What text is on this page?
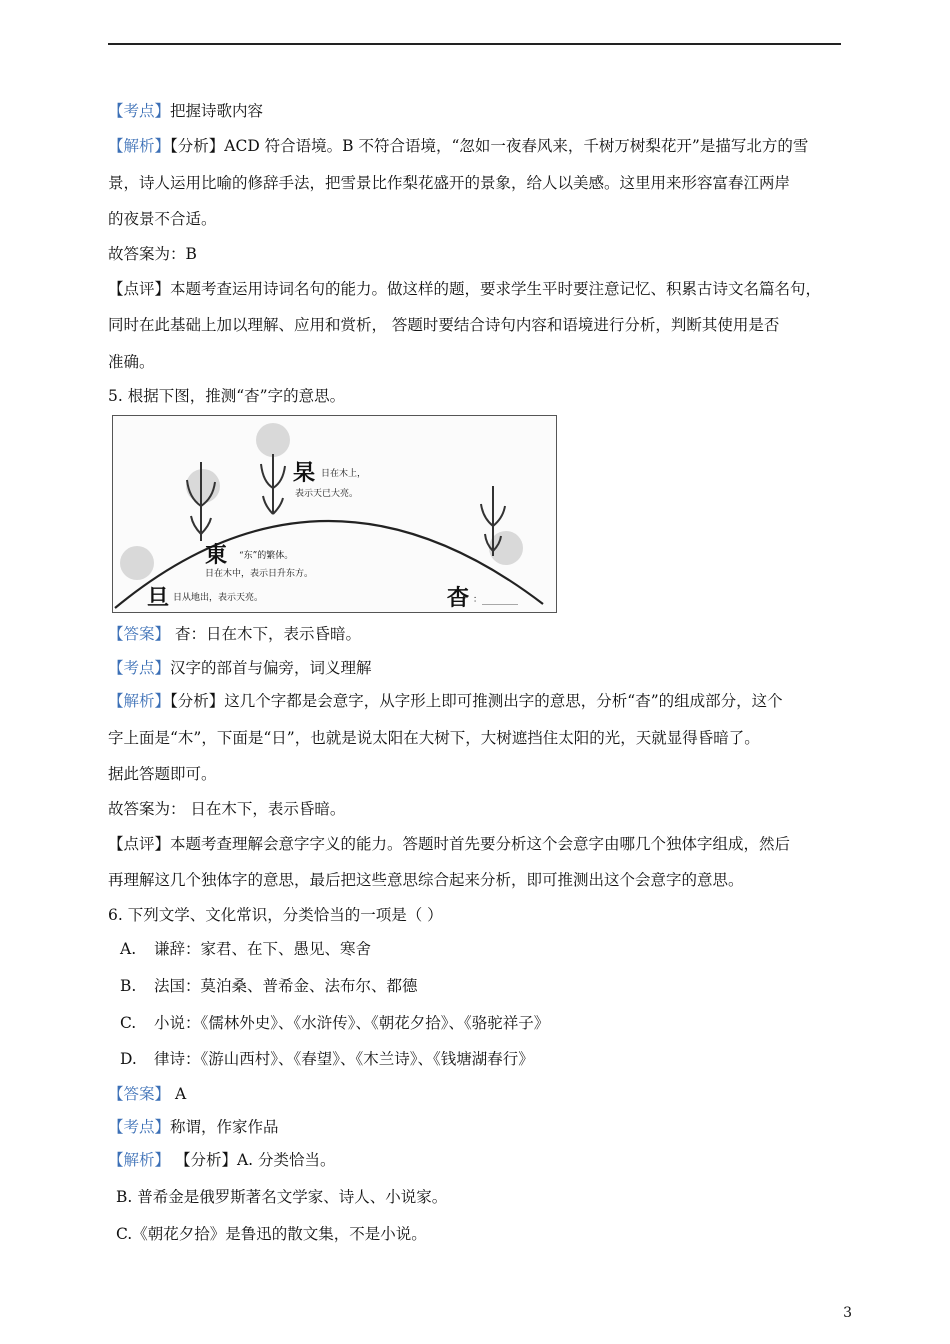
【考点】把握诗歌内容
【解析】【分析】ACD 符合语境。B 不符合语境，“忽如一夜春风来，千树万树梨花开”是描写北方的雪
景，诗人运用比喻的修辞手法，把雪景比作梨花盛开的景象，给人以美感。这里用来形容富春江两岸
的夜景不合适。
故答案为：B
【点评】本题考查运用诗词名句的能力。做这样的题，要求学生平时要注意记忆、积累古诗文名篇名句，
同时在此基础上加以理解、应用和赏析， 答题时要结合诗句内容和语境进行分析，判断其使用是否
准确。
5. 根据下图，推测“杳”字的意思。
杲 日在木上，
表示天已大亮。
東 “东”的繁体。
日在木中，表示日升东方。
旦 日从地出，表示天亮。	杳 ：________
【答案】 杳：日在木下，表示昏暗。
【考点】汉字的部首与偏旁，词义理解
【解析】【分析】这几个字都是会意字，从字形上即可推测出字的意思，分析“杳”的组成部分，这个
字上面是“木”，下面是“日”，也就是说太阳在大树下，大树遮挡住太阳的光，天就显得昏暗了。
据此答题即可。
故答案为： 日在木下，表示昏暗。
【点评】本题考查理解会意字字义的能力。答题时首先要分析这个会意字由哪几个独体字组成，然后
再理解这几个独体字的意思，最后把这些意思综合起来分析，即可推测出这个会意字的意思。
6. 下列文学、文化常识，分类恰当的一项是（ ）
A. 谦辞：家君、在下、愚见、寒舍
B. 法国：莫泊桑、普希金、法布尔、都德
C. 小说：《儒林外史》、《水浒传》、《朝花夕拾》、《骆驼祥子》
D. 律诗：《游山西村》、《春望》、《木兰诗》、《钱塘湖春行》
【答案】 A
【考点】称谓，作家作品
【解析】 【分析】A. 分类恰当。
B. 普希金是俄罗斯著名文学家、诗人、小说家。
C.《朝花夕拾》是鲁迅的散文集，不是小说。
3
